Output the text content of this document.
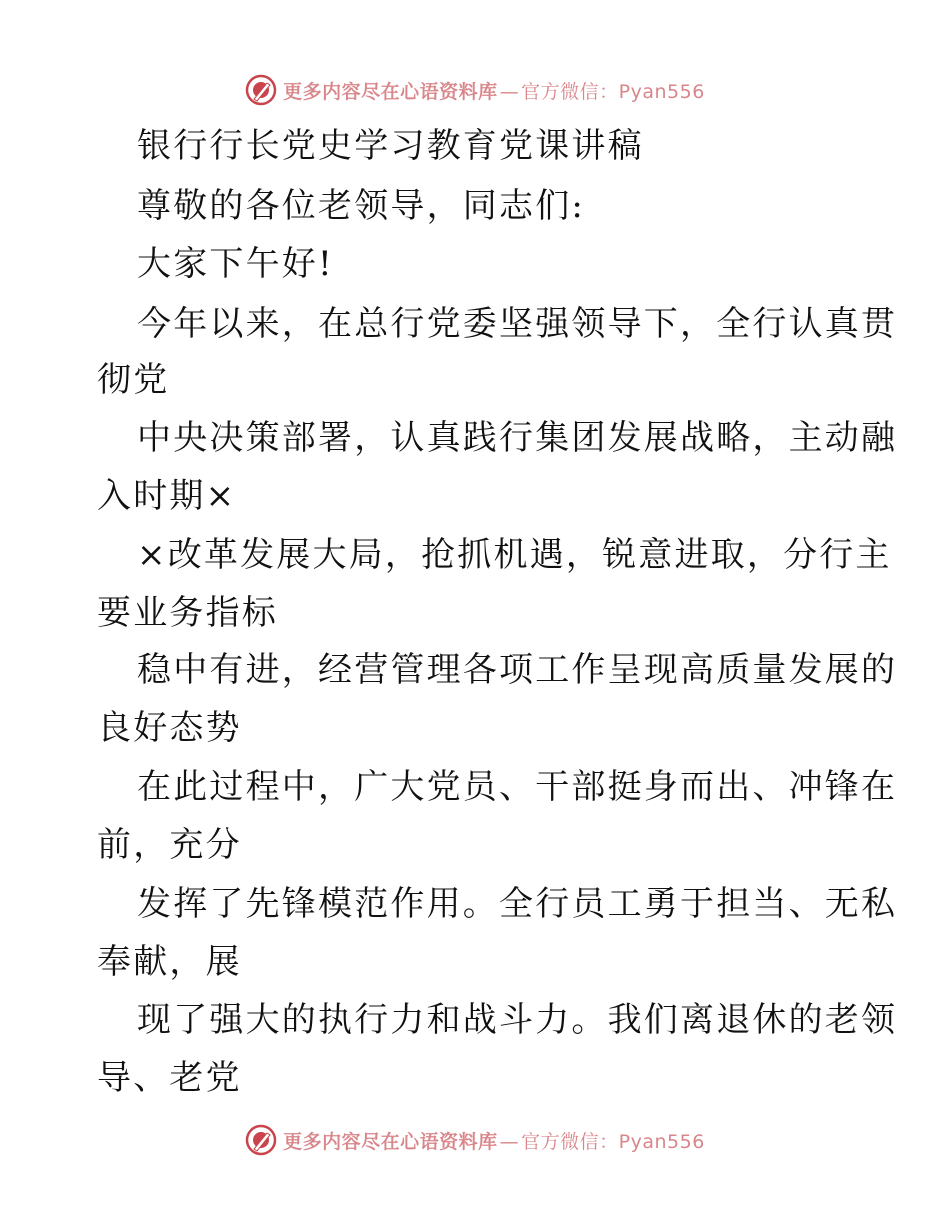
更多内容尽在心语资料库 — 官方微信：Pyan556
银行行长党史学习教育党课讲稿
尊敬的各位老领导，同志们:
大家下午好!
今年以来，在总行党委坚强领导下，全行认真贯
彻党
中央决策部署，认真践行集团发展战略，主动融
入时期×
×改革发展大局，抢抓机遇，锐意进取，分行主
要业务指标
稳中有进，经营管理各项工作呈现高质量发展的
良好态势
在此过程中，广大党员、干部挺身而出、冲锋在
前，充分
发挥了先锋模范作用。全行员工勇于担当、无私
奉献，展
现了强大的执行力和战斗力。我们离退休的老领
导、老党
更多内容尽在心语资料库 — 官方微信：Pyan556
